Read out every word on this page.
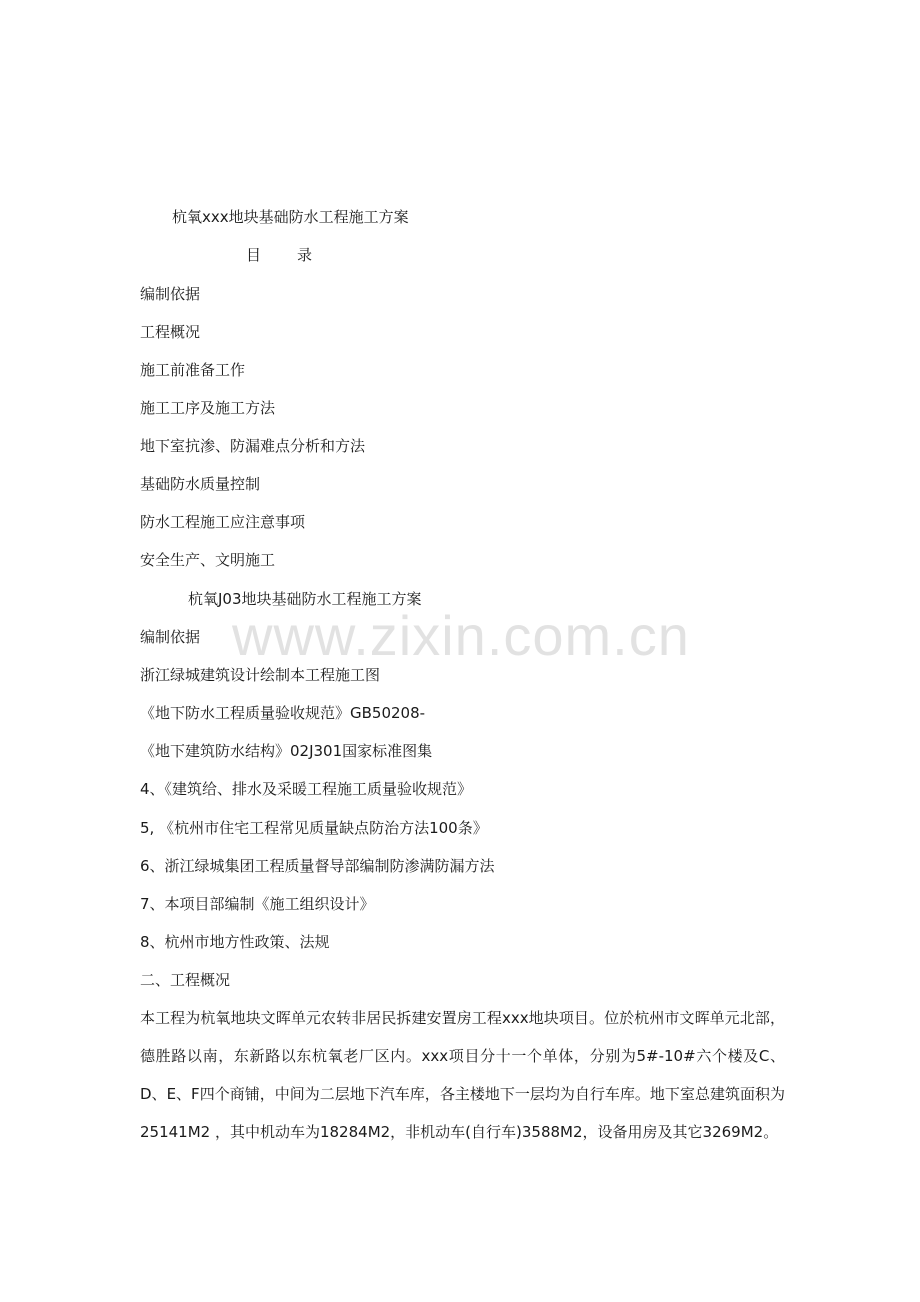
www.zixin.com.cn
杭氧xxx地块基础防水工程施工方案
目 录
编制依据
工程概况
施工前准备工作
施工工序及施工方法
地下室抗渗、防漏难点分析和方法
基础防水质量控制
防水工程施工应注意事项
安全生产、文明施工
杭氧J03地块基础防水工程施工方案
编制依据
浙江绿城建筑设计绘制本工程施工图
《地下防水工程质量验收规范》GB50208-
《地下建筑防水结构》02J301国家标准图集
4、《建筑给、排水及采暖工程施工质量验收规范》
5, 《杭州市住宅工程常见质量缺点防治方法100条》
6、浙江绿城集团工程质量督导部编制防渗满防漏方法
7、本项目部编制《施工组织设计》
8、杭州市地方性政策、法规
二、工程概况
本工程为杭氧地块文晖单元农转非居民拆建安置房工程xxx地块项目。位於杭州市文晖单元北部，德胜路以南，东新路以东杭氧老厂区内。xxx项目分十一个单体，分别为5#-10#六个楼及C、D、E、F四个商铺，中间为二层地下汽车库，各主楼地下一层均为自行车库。地下室总建筑面积为25141M2 ，其中机动车为18284M2，非机动车(自行车)3588M2，设备用房及其它3269M2。
